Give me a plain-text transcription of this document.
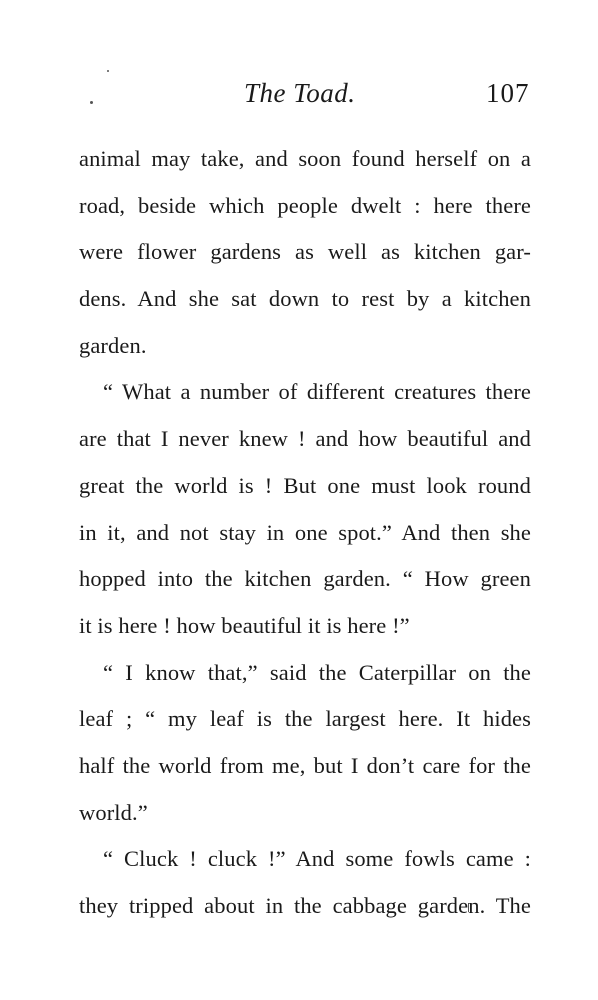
The Toad.	107
animal may take, and soon found herself on a
road, beside which people dwelt : here there
were flower gardens as well as kitchen gar-
dens. And she sat down to rest by a kitchen
garden.
“ What a number of different creatures there
are that I never knew ! and how beautiful and
great the world is ! But one must look round
in it, and not stay in one spot.” And then she
hopped into the kitchen garden. “ How green
it is here ! how beautiful it is here !”
“ I know that,” said the Caterpillar on the
leaf ; “ my leaf is the largest here. It hides
half the world from me, but I don’t care for the
world.”
“ Cluck ! cluck !” And some fowls came :
they tripped about in the cabbage garden. The
